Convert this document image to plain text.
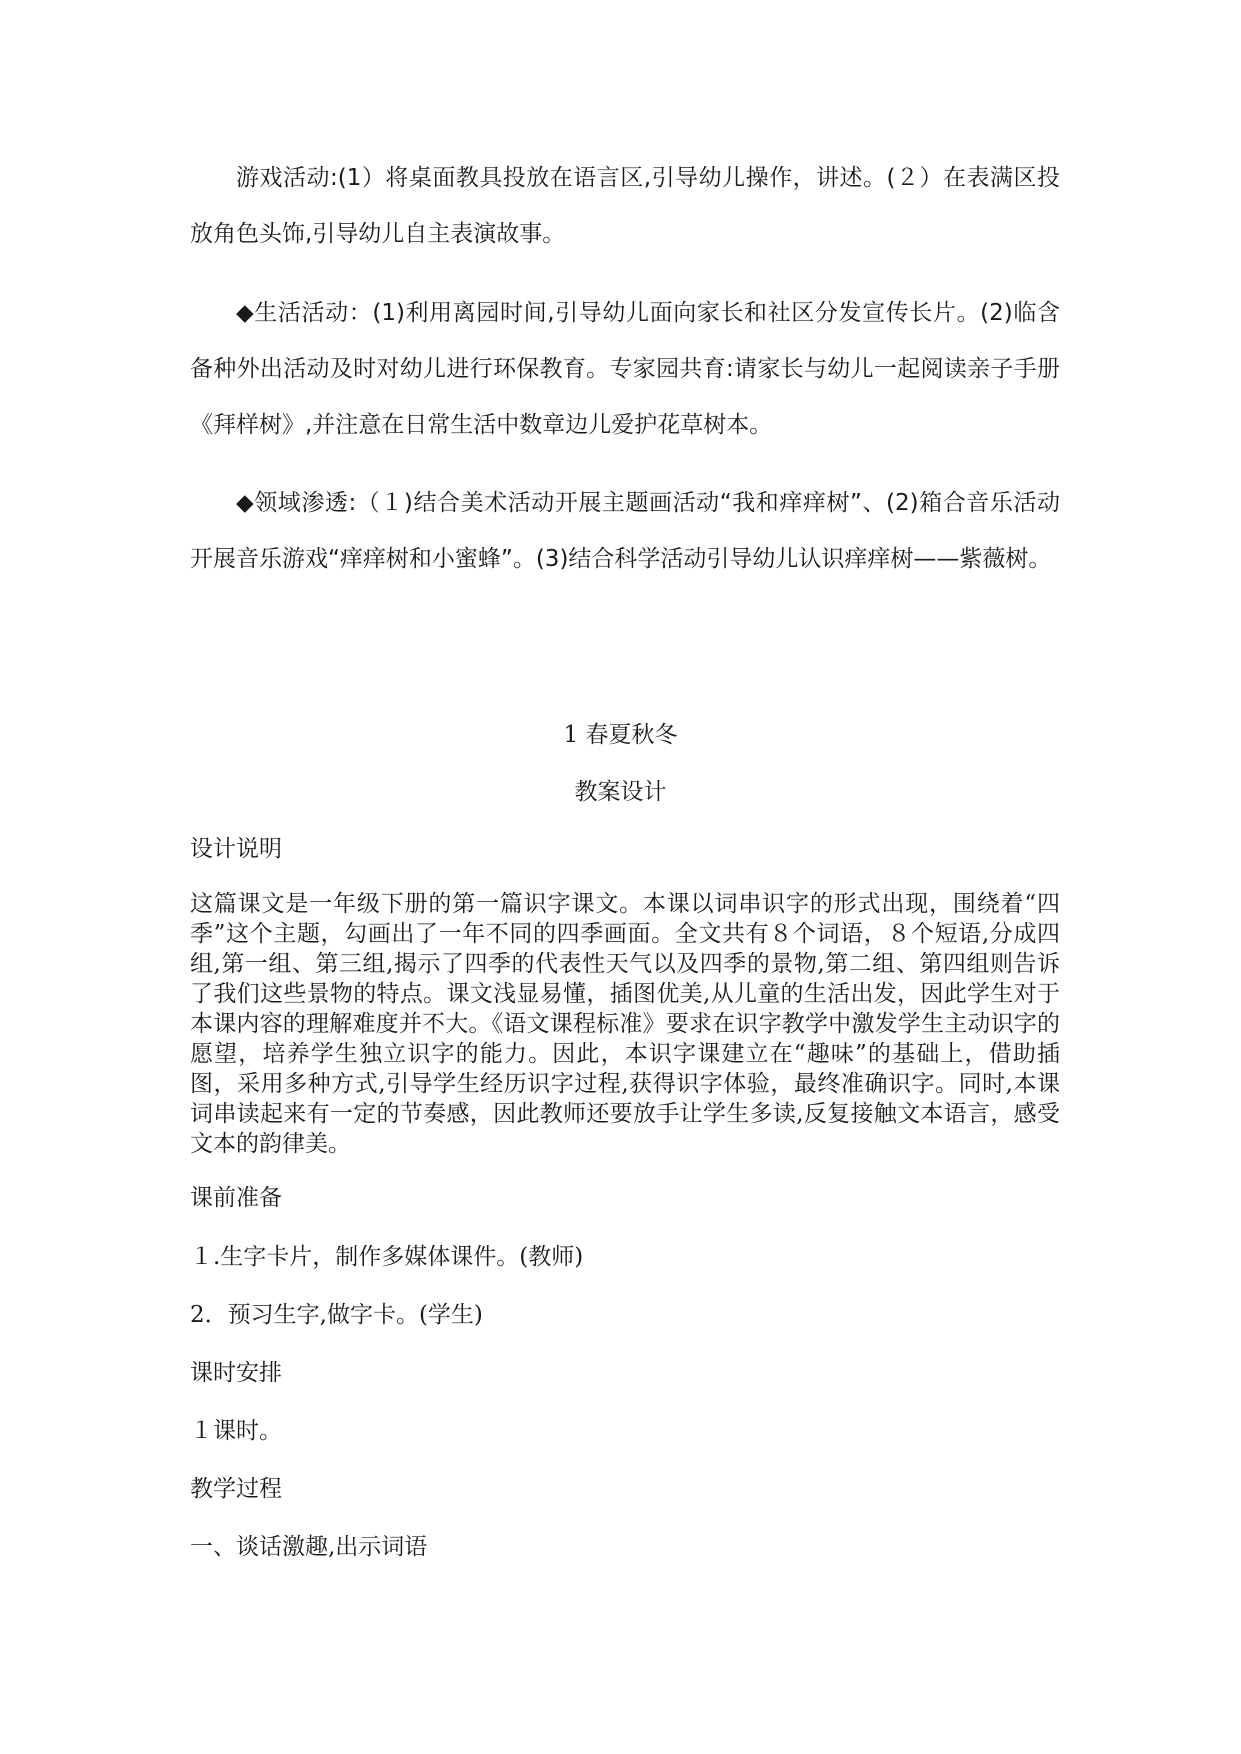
游戏活动:(1）将桌面教具投放在语言区,引导幼儿操作，讲述。(２）在表满区投放角色头饰,引导幼儿自主表演故事。

◆生活活动：(1)利用离园时间,引导幼儿面向家长和社区分发宣传长片。(2)临含备种外出活动及时对幼儿进行环保教育。专家园共育:请家长与幼儿一起阅读亲子手册《拜样树》,并注意在日常生活中数章边儿爱护花草树本。

◆领域渗透:（１)结合美术活动开展主题画活动“我和痒痒树”、(2)箱合音乐活动开展音乐游戏“痒痒树和小蜜蜂”。(3)结合科学活动引导幼儿认识痒痒树——紫薇树。

1 春夏秋冬

教案设计

设计说明

这篇课文是一年级下册的第一篇识字课文。本课以词串识字的形式出现，围绕着“四季”这个主题，勾画出了一年不同的四季画面。全文共有８个词语，８个短语,分成四组,第一组、第三组,揭示了四季的代表性天气以及四季的景物,第二组、第四组则告诉了我们这些景物的特点。课文浅显易懂，插图优美,从儿童的生活出发，因此学生对于本课内容的理解难度并不大。《语文课程标准》要求在识字教学中激发学生主动识字的愿望，培养学生独立识字的能力。因此，本识字课建立在“趣味”的基础上，借助插图，采用多种方式,引导学生经历识字过程,获得识字体验，最终准确识字。同时,本课词串读起来有一定的节奏感，因此教师还要放手让学生多读,反复接触文本语言，感受文本的韵律美。

课前准备

１.生字卡片，制作多媒体课件。(教师)

2．预习生字,做字卡。(学生)

课时安排

１课时。

教学过程

一、谈话激趣,出示词语
